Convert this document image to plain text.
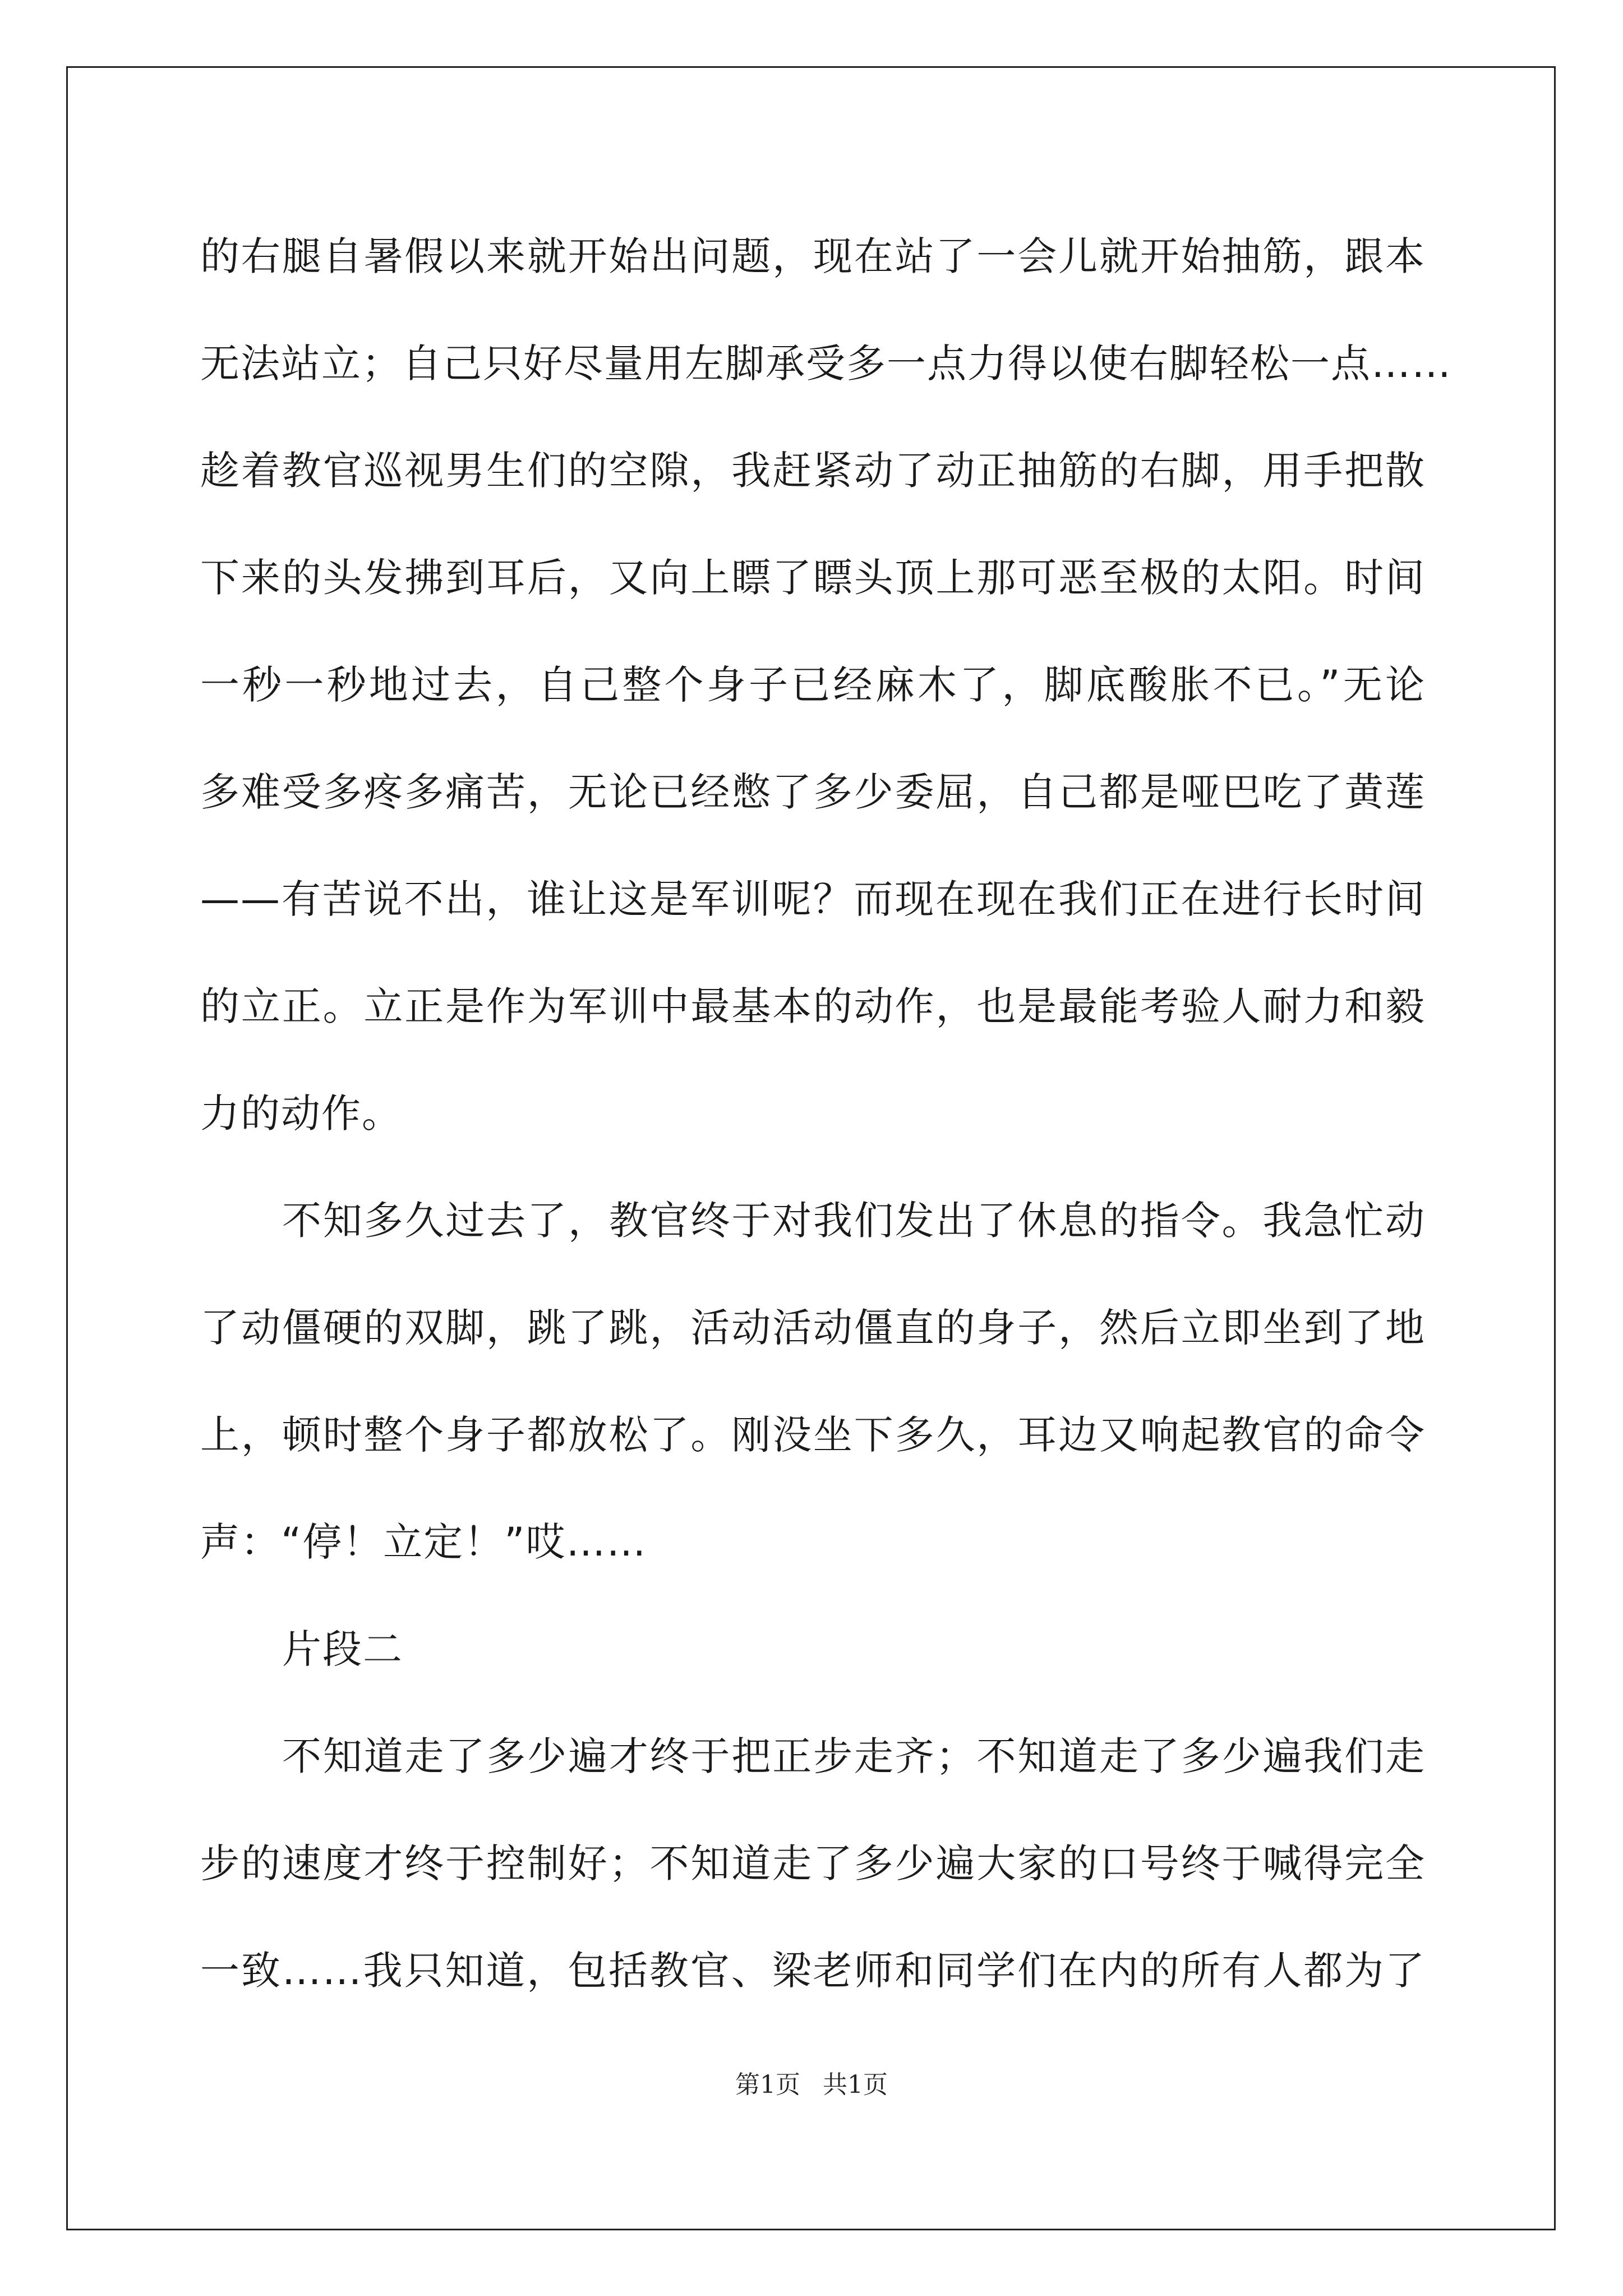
的右腿自暑假以来就开始出问题，现在站了一会儿就开始抽筋，跟本
无法站立；自己只好尽量用左脚承受多一点力得以使右脚轻松一点……
趁着教官巡视男生们的空隙，我赶紧动了动正抽筋的右脚，用手把散
下来的头发拂到耳后，又向上瞟了瞟头顶上那可恶至极的太阳。时间
一秒一秒地过去，自己整个身子已经麻木了，脚底酸胀不已。”无论
多难受多疼多痛苦，无论已经憋了多少委屈，自己都是哑巴吃了黄莲
——有苦说不出，谁让这是军训呢？而现在现在我们正在进行长时间
的立正。立正是作为军训中最基本的动作，也是最能考验人耐力和毅
力的动作。
不知多久过去了，教官终于对我们发出了休息的指令。我急忙动
了动僵硬的双脚，跳了跳，活动活动僵直的身子，然后立即坐到了地
上，顿时整个身子都放松了。刚没坐下多久，耳边又响起教官的命令
声：“停！立定！”哎……
片段二
不知道走了多少遍才终于把正步走齐；不知道走了多少遍我们走
步的速度才终于控制好；不知道走了多少遍大家的口号终于喊得完全
一致……我只知道，包括教官、梁老师和同学们在内的所有人都为了
第1页 共1页
